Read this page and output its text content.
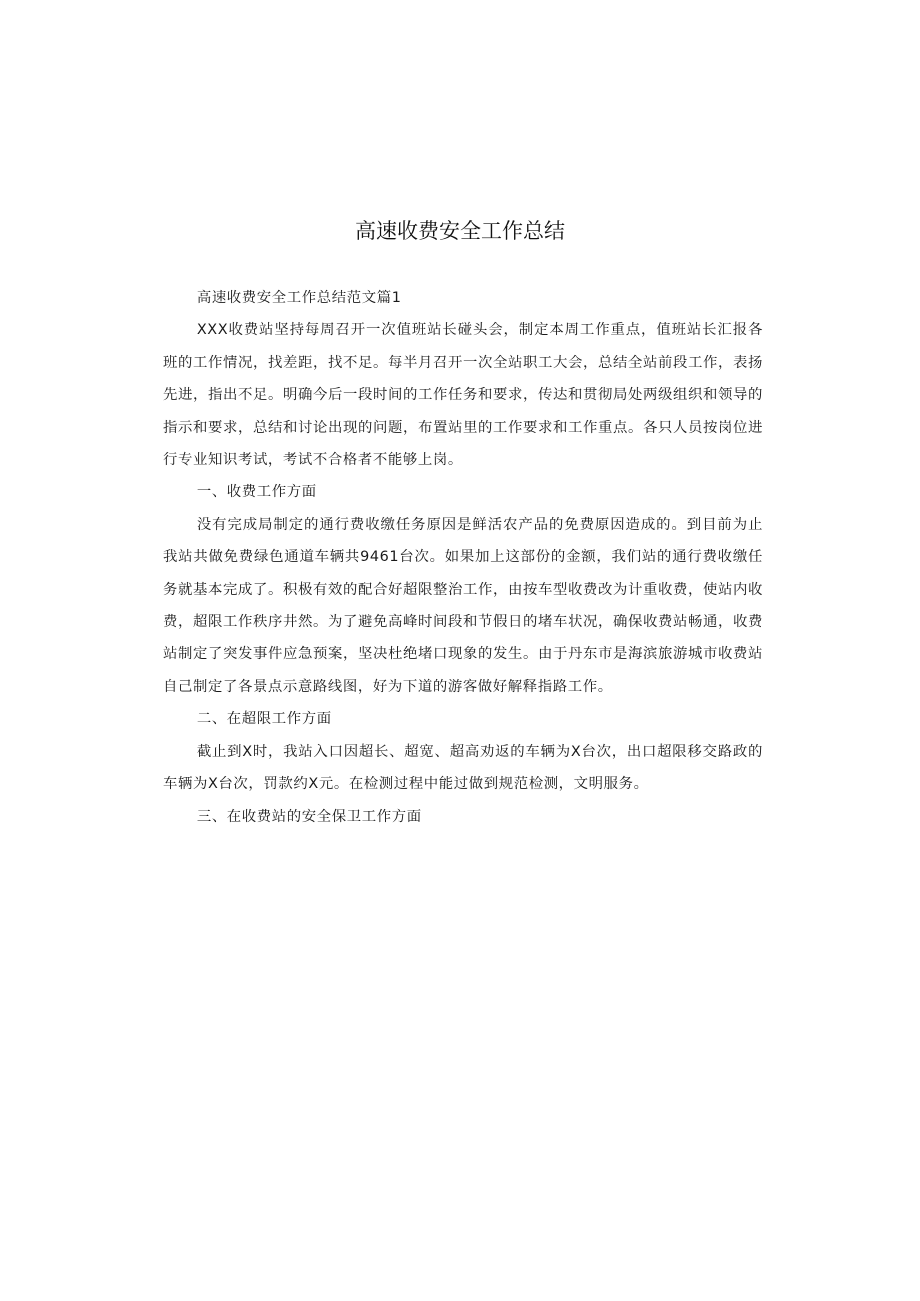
高速收费安全工作总结

高速收费安全工作总结范文篇1

XXX收费站坚持每周召开一次值班站长碰头会，制定本周工作重点，值班站长汇报各班的工作情况，找差距，找不足。每半月召开一次全站职工大会，总结全站前段工作，表扬先进，指出不足。明确今后一段时间的工作任务和要求，传达和贯彻局处两级组织和领导的指示和要求，总结和讨论出现的问题，布置站里的工作要求和工作重点。各只人员按岗位进行专业知识考试，考试不合格者不能够上岗。

一、收费工作方面

没有完成局制定的通行费收缴任务原因是鲜活农产品的免费原因造成的。到目前为止我站共做免费绿色通道车辆共9461台次。如果加上这部份的金额，我们站的通行费收缴任务就基本完成了。积极有效的配合好超限整治工作，由按车型收费改为计重收费，使站内收费，超限工作秩序井然。为了避免高峰时间段和节假日的堵车状况，确保收费站畅通，收费站制定了突发事件应急预案，坚决杜绝堵口现象的发生。由于丹东市是海滨旅游城市收费站自己制定了各景点示意路线图，好为下道的游客做好解释指路工作。

二、在超限工作方面

截止到X时，我站入口因超长、超宽、超高劝返的车辆为X台次，出口超限移交路政的车辆为X台次，罚款约X元。在检测过程中能过做到规范检测，文明服务。

三、在收费站的安全保卫工作方面
